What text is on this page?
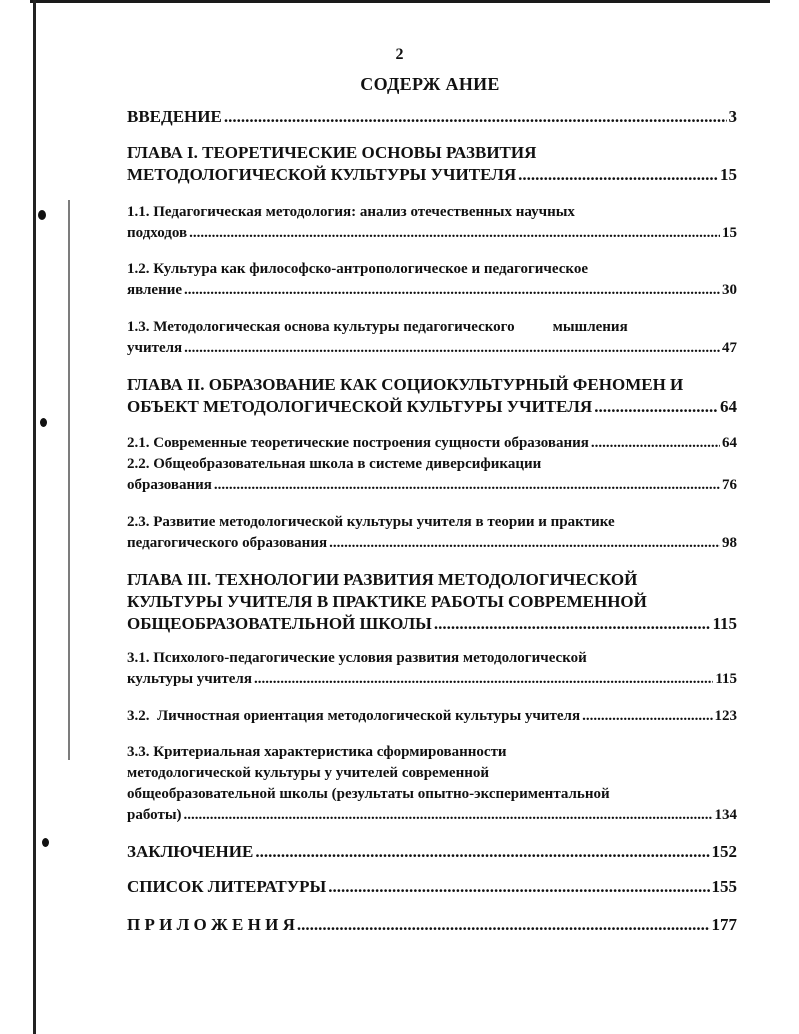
2
СОДЕРЖ АНИЕ
ВВЕДЕНИЕ .....	3
ГЛАВА I. ТЕОРЕТИЧЕСКИЕ ОСНОВЫ РАЗВИТИЯ
МЕТОДОЛОГИЧЕСКОЙ КУЛЬТУРЫ УЧИТЕЛЯ .....	15
1.1. Педагогическая методология: анализ отечественных научных
подходов .....	15
1.2. Культура как философско-антропологическое и педагогическое
явление .....	30
1.3. Методологическая основа культуры педагогического	мышления
учителя .....	47
ГЛАВА II. ОБРАЗОВАНИЕ КАК СОЦИОКУЛЬТУРНЫЙ ФЕНОМЕН И
ОБЪЕКТ МЕТОДОЛОГИЧЕСКОЙ КУЛЬТУРЫ УЧИТЕЛЯ .....	64
2.1. Современные теоретические построения сущности образования .....	64
2.2. Общеобразовательная школа в системе диверсификации
образования .....	76
2.3. Развитие методологической культуры учителя в теории и практике
педагогического образования .....	98
ГЛАВА III. ТЕХНОЛОГИИ РАЗВИТИЯ МЕТОДОЛОГИЧЕСКОЙ
КУЛЬТУРЫ УЧИТЕЛЯ В ПРАКТИКЕ РАБОТЫ СОВРЕМЕННОЙ
ОБЩЕОБРАЗОВАТЕЛЬНОЙ ШКОЛЫ .....	115
3.1. Психолого-педагогические условия развития методологической
культуры учителя .....	115
3.2.  Личностная ориентация методологической культуры учителя .....	123
3.3. Критериальная характеристика сформированности
методологической культуры у учителей современной
общеобразовательной школы (результаты опытно-экспериментальной
работы) .....	134
ЗАКЛЮЧЕНИЕ .....	152
СПИСОК ЛИТЕРАТУРЫ .....	155
П Р И Л О Ж Е Н И Я .....	177
